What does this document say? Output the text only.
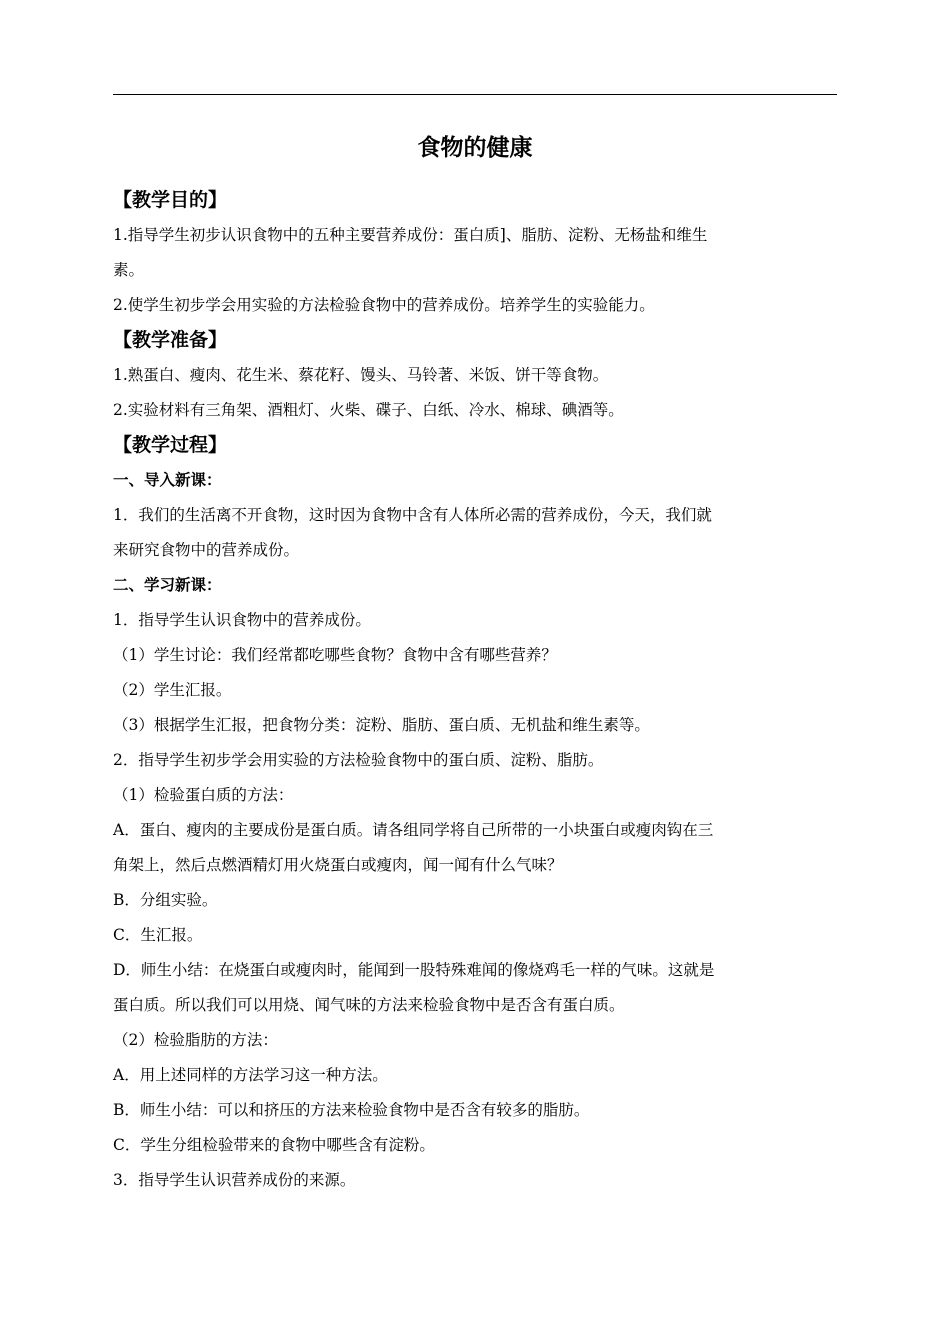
食物的健康
【教学目的】
1.指导学生初步认识食物中的五种主要营养成份：蛋白质]、脂肪、淀粉、无杨盐和维生
素。
2.使学生初步学会用实验的方法检验食物中的营养成份。培养学生的实验能力。
【教学准备】
1.熟蛋白、瘦肉、花生米、蔡花籽、馒头、马铃著、米饭、饼干等食物。
2.实验材料有三角架、酒粗灯、火柴、碟子、白纸、冷水、棉球、碘酒等。
【教学过程】
一、导入新课：
1．我们的生活离不开食物，这时因为食物中含有人体所必需的营养成份，今天，我们就
来研究食物中的营养成份。
二、学习新课：
1．指导学生认识食物中的营养成份。
（1）学生讨论：我们经常都吃哪些食物？食物中含有哪些营养？
（2）学生汇报。
（3）根据学生汇报，把食物分类：淀粉、脂肪、蛋白质、无机盐和维生素等。
2．指导学生初步学会用实验的方法检验食物中的蛋白质、淀粉、脂肪。
（1）检验蛋白质的方法：
A．蛋白、瘦肉的主要成份是蛋白质。请各组同学将自己所带的一小块蛋白或瘦肉钩在三
角架上，然后点燃酒精灯用火烧蛋白或瘦肉，闻一闻有什么气味？
B．分组实验。
C．生汇报。
D．师生小结：在烧蛋白或瘦肉时，能闻到一股特殊难闻的像烧鸡毛一样的气味。这就是
蛋白质。所以我们可以用烧、闻气味的方法来检验食物中是否含有蛋白质。
（2）检验脂肪的方法：
A．用上述同样的方法学习这一种方法。
B．师生小结：可以和挤压的方法来检验食物中是否含有较多的脂肪。
C．学生分组检验带来的食物中哪些含有淀粉。
3．指导学生认识营养成份的来源。
